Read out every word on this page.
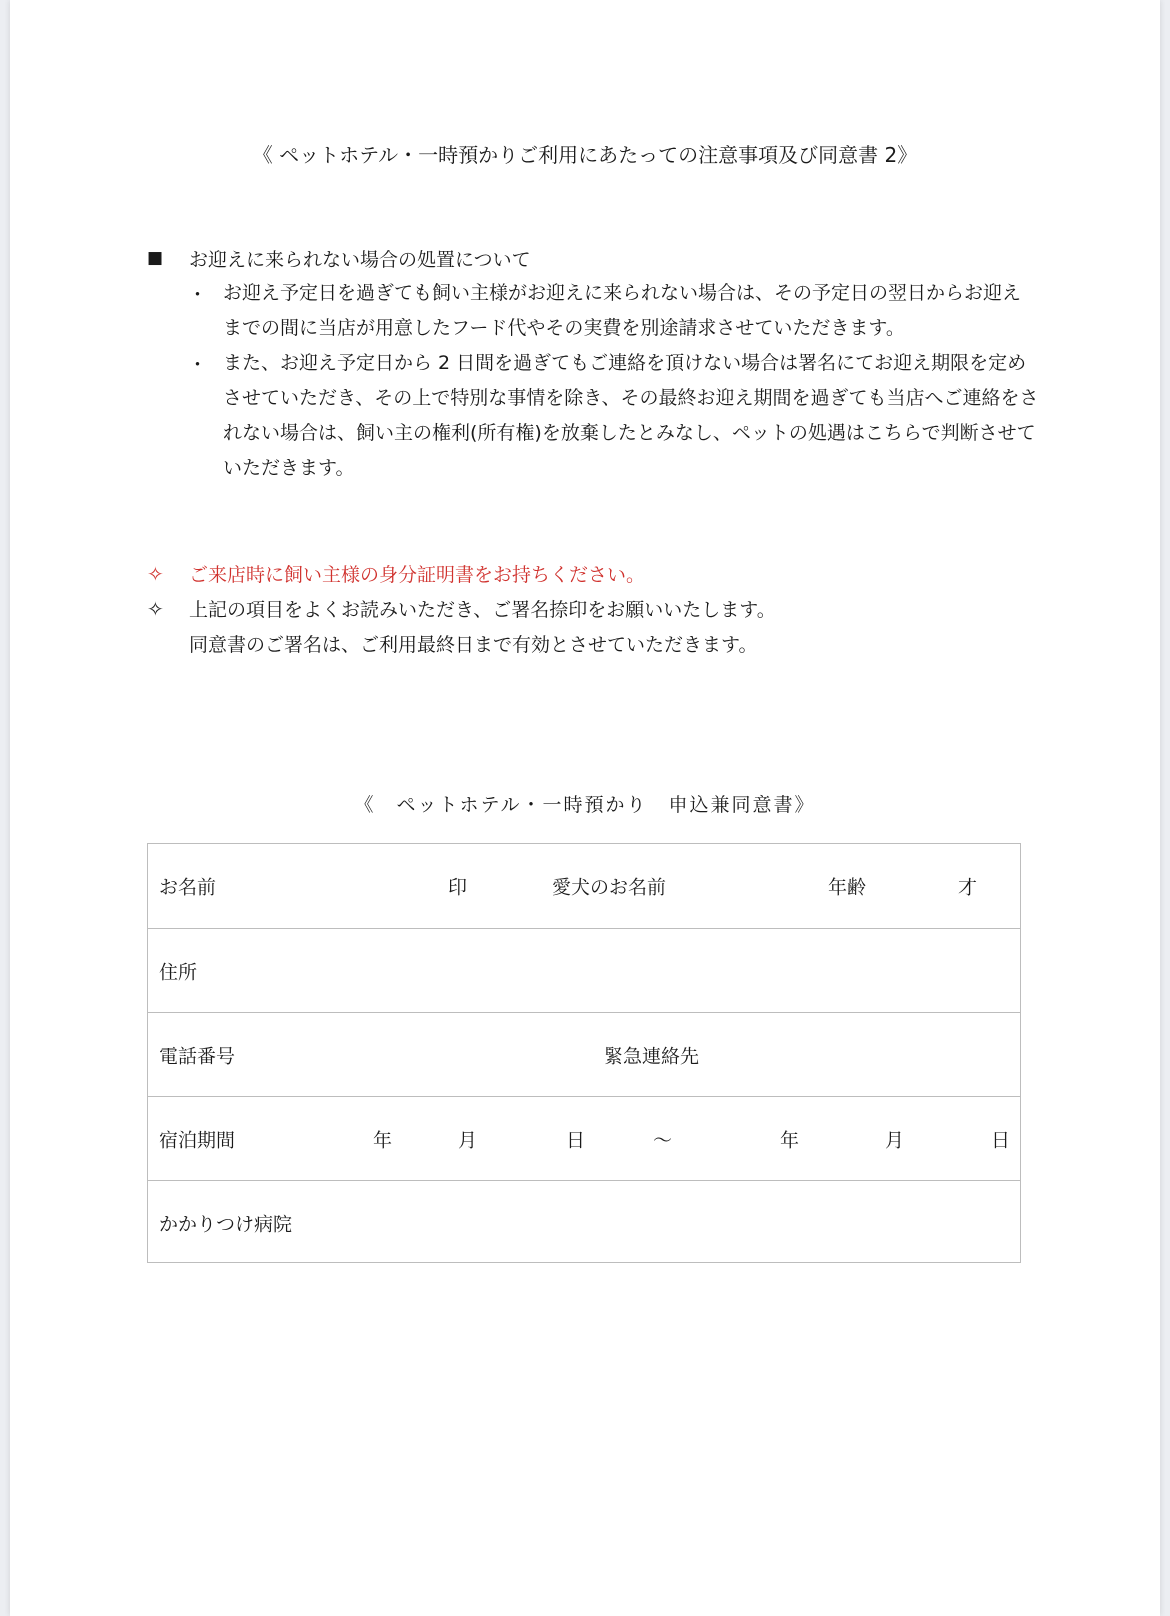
《 ペットホテル・一時預かりご利用にあたっての注意事項及び同意書 2》
■ お迎えに来られない場合の処置について
・ お迎え予定日を過ぎても飼い主様がお迎えに来られない場合は、その予定日の翌日からお迎え
までの間に当店が用意したフード代やその実費を別途請求させていただきます。
・ また、お迎え予定日から 2 日間を過ぎてもご連絡を頂けない場合は署名にてお迎え期限を定め
させていただき、その上で特別な事情を除き、その最終お迎え期間を過ぎても当店へご連絡をさ
れない場合は、飼い主の権利(所有権)を放棄したとみなし、ペットの処遇はこちらで判断させて
いただきます。
✧ ご来店時に飼い主様の身分証明書をお持ちください。
✧ 上記の項目をよくお読みいただき、ご署名捺印をお願いいたします。
同意書のご署名は、ご利用最終日まで有効とさせていただきます。
《　ペットホテル・一時預かり　申込兼同意書》
お名前	印	愛犬のお名前	年齢	才
住所
電話番号	緊急連絡先
宿泊期間	年	月	日	～	年	月	日
かかりつけ病院
